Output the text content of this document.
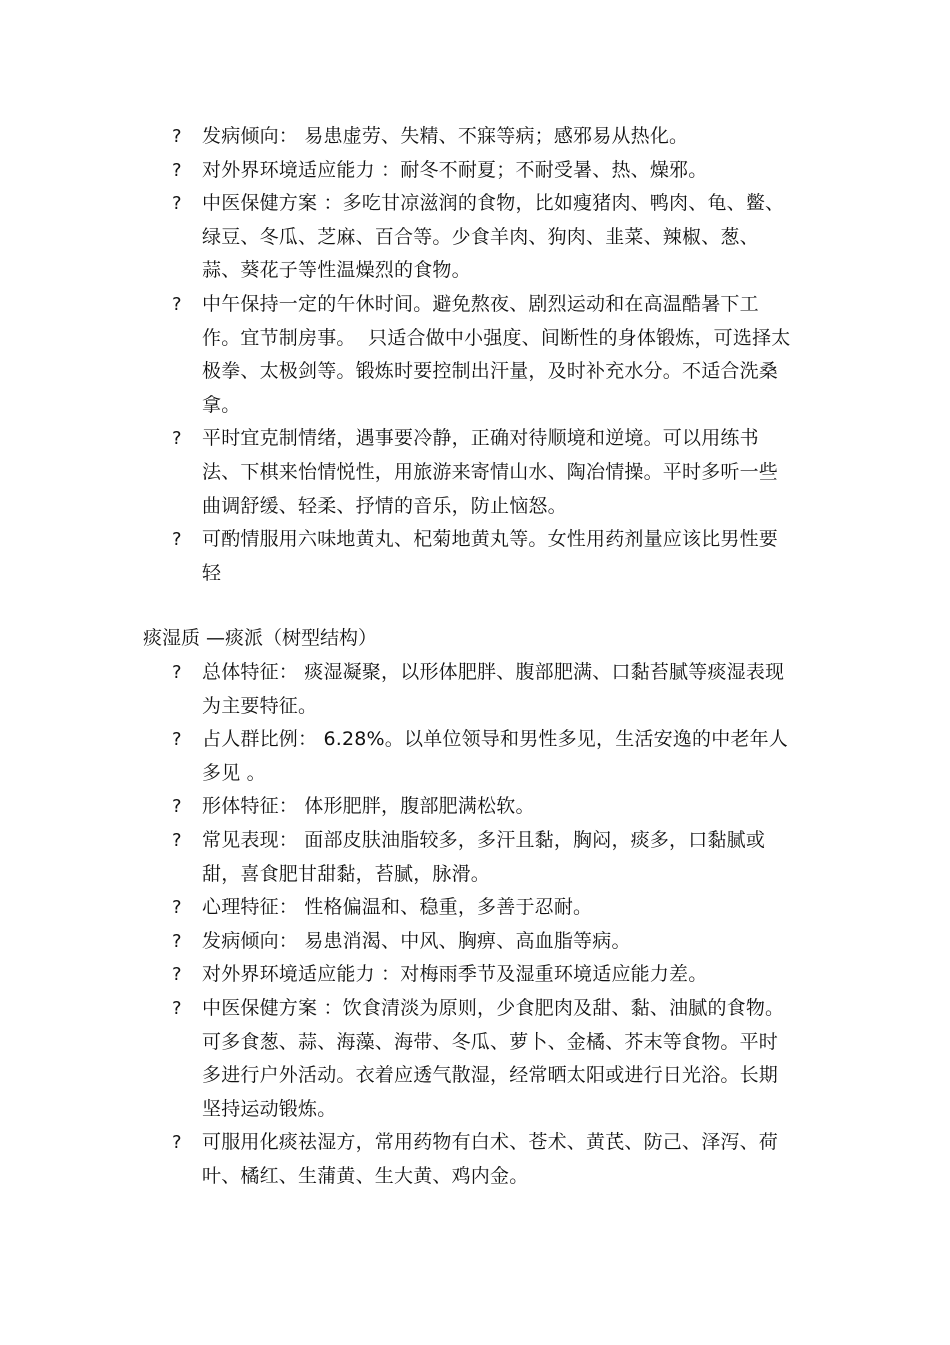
?	发病倾向： 易患虚劳、失精、不寐等病；感邪易从热化。
?	对外界环境适应能力 ：耐冬不耐夏；不耐受暑、热、燥邪。
?	中医保健方案 ：多吃甘凉滋润的食物，比如瘦猪肉、鸭肉、龟、鳖、绿豆、冬瓜、芝麻、百合等。少食羊肉、狗肉、韭菜、辣椒、葱、蒜、葵花子等性温燥烈的食物。
?	中午保持一定的午休时间。避免熬夜、剧烈运动和在高温酷暑下工作。宜节制房事。  只适合做中小强度、间断性的身体锻炼，可选择太极拳、太极剑等。锻炼时要控制出汗量，及时补充水分。不适合洗桑拿。
?	平时宜克制情绪，遇事要冷静，正确对待顺境和逆境。可以用练书法、下棋来怡情悦性，用旅游来寄情山水、陶冶情操。平时多听一些曲调舒缓、轻柔、抒情的音乐，防止恼怒。
?	可酌情服用六味地黄丸、杞菊地黄丸等。女性用药剂量应该比男性要轻
痰湿质 —痰派（树型结构）
?	总体特征： 痰湿凝聚，以形体肥胖、腹部肥满、口黏苔腻等痰湿表现为主要特征。
?	占人群比例： 6.28%。以单位领导和男性多见，生活安逸的中老年人多见 。
?	形体特征： 体形肥胖，腹部肥满松软。
?	常见表现： 面部皮肤油脂较多，多汗且黏，胸闷，痰多，口黏腻或甜，喜食肥甘甜黏，苔腻，脉滑。
?	心理特征： 性格偏温和、稳重，多善于忍耐。
?	发病倾向： 易患消渴、中风、胸痹、高血脂等病。
?	对外界环境适应能力 ：对梅雨季节及湿重环境适应能力差。
?	中医保健方案 ：饮食清淡为原则，少食肥肉及甜、黏、油腻的食物。可多食葱、蒜、海藻、海带、冬瓜、萝卜、金橘、芥末等食物。平时多进行户外活动。衣着应透气散湿，经常晒太阳或进行日光浴。长期坚持运动锻炼。
?	可服用化痰祛湿方，常用药物有白术、苍术、黄芪、防己、泽泻、荷叶、橘红、生蒲黄、生大黄、鸡内金。
